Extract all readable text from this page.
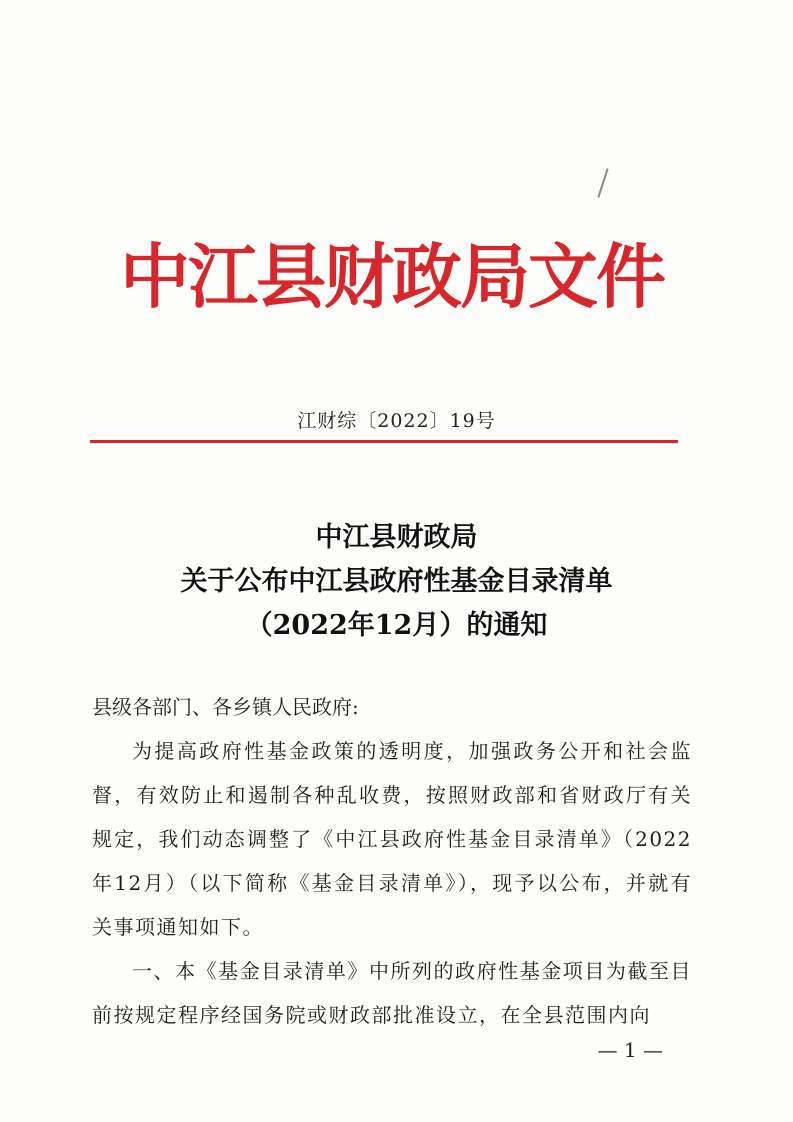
中江县财政局文件
江财综〔2022〕19号
中江县财政局
关于公布中江县政府性基金目录清单
（2022年12月）的通知

县级各部门、各乡镇人民政府:

为提高政府性基金政策的透明度，加强政务公开和社会监督，有效防止和遏制各种乱收费，按照财政部和省财政厅有关规定，我们动态调整了《中江县政府性基金目录清单》（2022年12月）（以下简称《基金目录清单》），现予以公布，并就有关事项通知如下。

一、本《基金目录清单》中所列的政府性基金项目为截至目前按规定程序经国务院或财政部批准设立，在全县范围内向

— 1 —
